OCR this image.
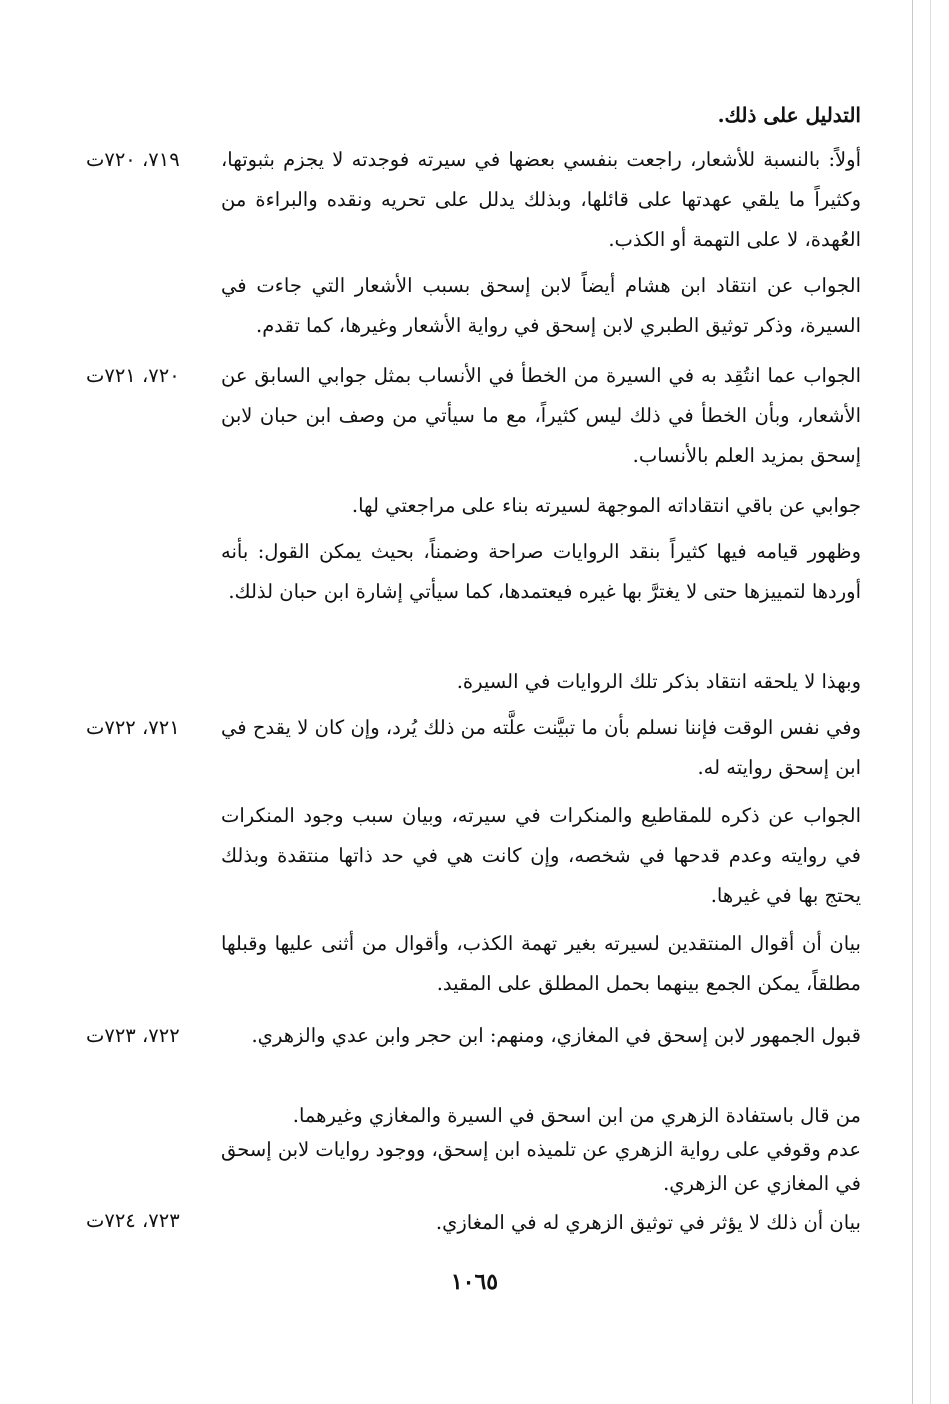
التدليل على ذلك.
أولاً: بالنسبة للأشعار، راجعت بنفسي بعضها في سيرته فوجدته لا يجزم بثبوتها، وكثيراً ما يلقي عهدتها على قائلها، وبذلك يدلل على تحريه ونقده والبراءة من العُهدة، لا على التهمة أو الكذب.
٧١٩، ٧٢٠ت
الجواب عن انتقاد ابن هشام أيضاً لابن إسحق بسبب الأشعار التي جاءت في السيرة، وذكر توثيق الطبري لابن إسحق في رواية الأشعار وغيرها، كما تقدم.
الجواب عما انتُقِد به في السيرة من الخطأ في الأنساب بمثل جوابي السابق عن الأشعار، وبأن الخطأ في ذلك ليس كثيراً، مع ما سيأتي من وصف ابن حبان لابن إسحق بمزيد العلم بالأنساب.
٧٢٠، ٧٢١ت
جوابي عن باقي انتقاداته الموجهة لسيرته بناء على مراجعتي لها.
وظهور قيامه فيها كثيراً بنقد الروايات صراحة وضمناً، بحيث يمكن القول: بأنه أوردها لتمييزها حتى لا يغترَّ بها غيره فيعتمدها، كما سيأتي إشارة ابن حبان لذلك.
وبهذا لا يلحقه انتقاد بذكر تلك الروايات في السيرة.
وفي نفس الوقت فإننا نسلم بأن ما تبيَّنت علَّته من ذلك يُرد، وإن كان لا يقدح في ابن إسحق روايته له.
٧٢١، ٧٢٢ت
الجواب عن ذكره للمقاطيع والمنكرات في سيرته، وبيان سبب وجود المنكرات في روايته وعدم قدحها في شخصه، وإن كانت هي في حد ذاتها منتقدة وبذلك يحتج بها في غيرها.
بيان أن أقوال المنتقدين لسيرته بغير تهمة الكذب، وأقوال من أثنى عليها وقبلها مطلقاً، يمكن الجمع بينهما بحمل المطلق على المقيد.
قبول الجمهور لابن إسحق في المغازي، ومنهم: ابن حجر وابن عدي والزهري.
٧٢٢، ٧٢٣ت
من قال باستفادة الزهري من ابن اسحق في السيرة والمغازي وغيرهما.
عدم وقوفي على رواية الزهري عن تلميذه ابن إسحق، ووجود روايات لابن إسحق في المغازي عن الزهري.
بيان أن ذلك لا يؤثر في توثيق الزهري له في المغازي.
٧٢٣، ٧٢٤ت
١٠٦٥
